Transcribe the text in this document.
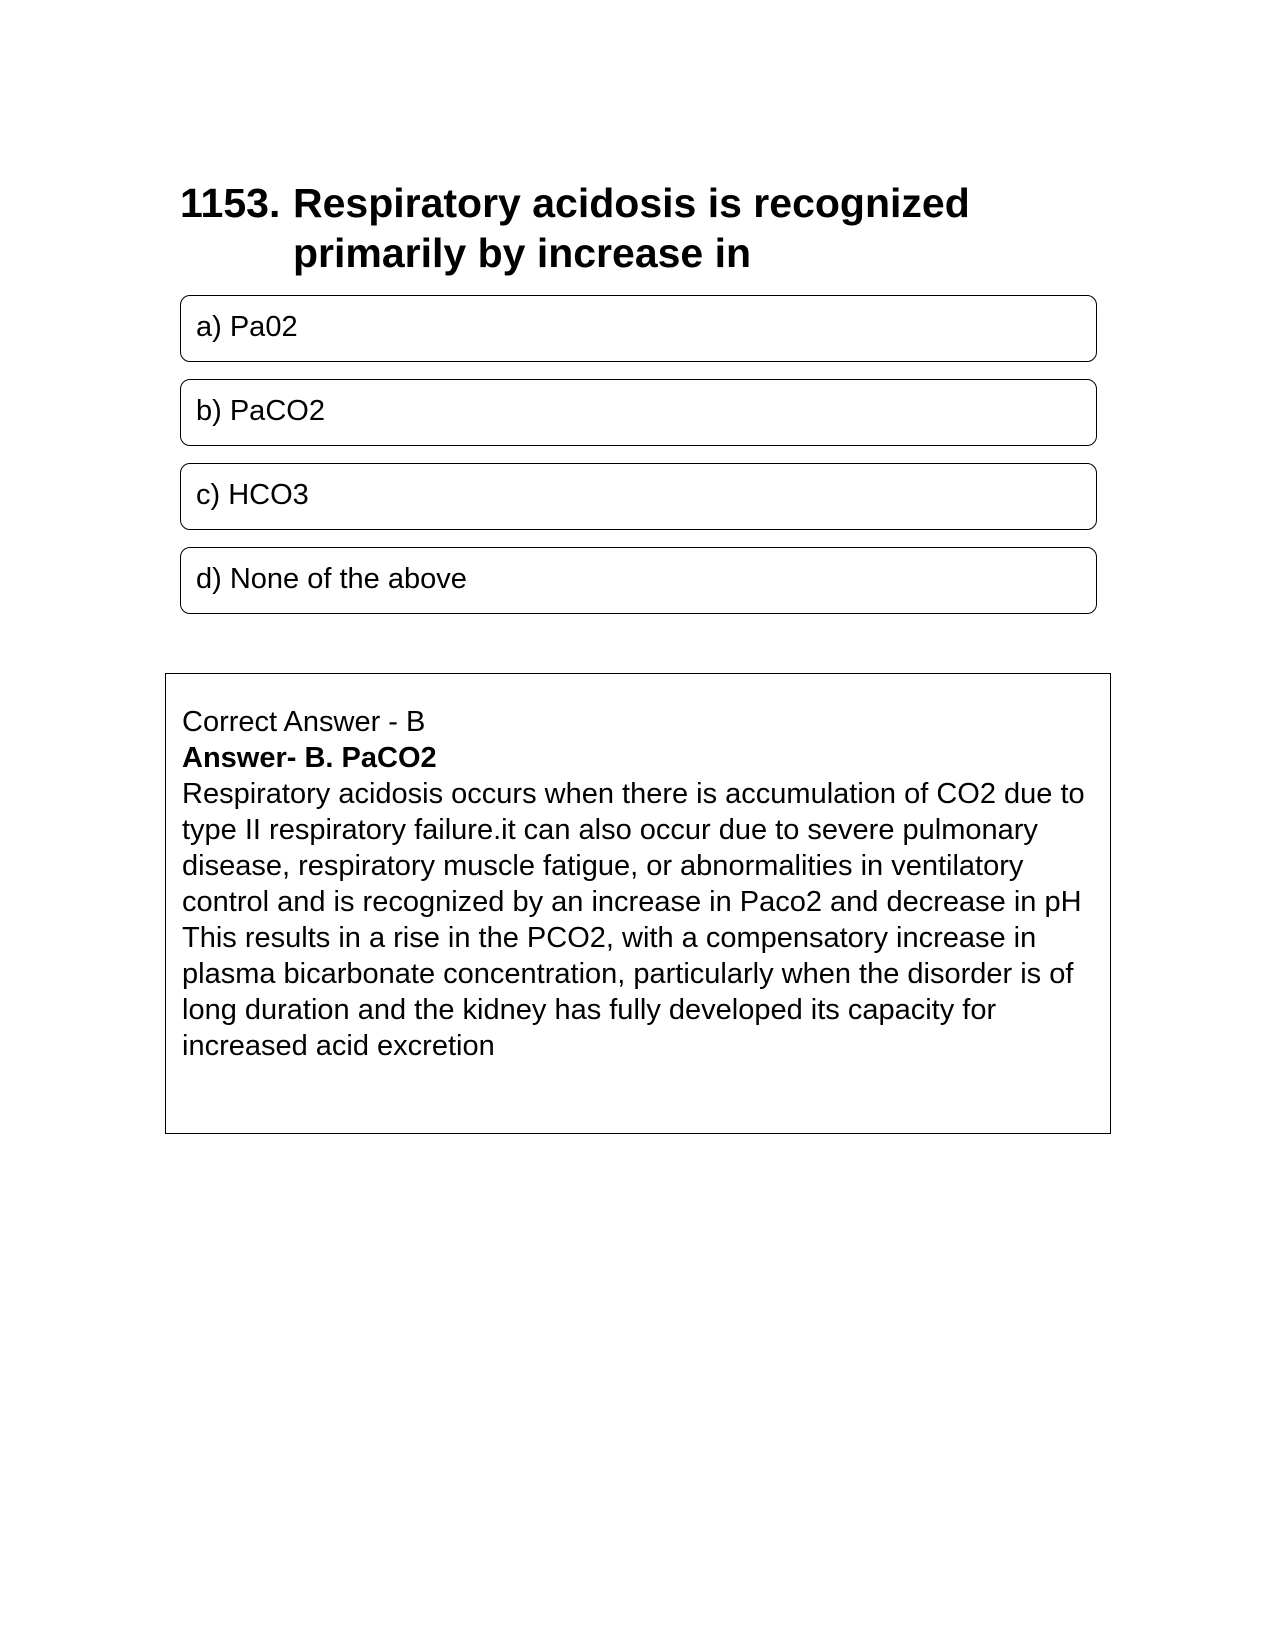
1153. Respiratory acidosis is recognized primarily by increase in
a) Pa02
b) PaCO2
c) HCO3
d) None of the above

Correct Answer - B

Answer- B. PaCO2

Respiratory acidosis occurs when there is accumulation of CO2 due to type II respiratory failure.it can also occur due to severe pulmonary disease, respiratory muscle fatigue, or abnormalities in ventilatory control and is recognized by an increase in Paco2 and decrease in pH

This results in a rise in the PCO2, with a compensatory increase in plasma bicarbonate concentration, particularly when the disorder is of long duration and the kidney has fully developed its capacity for increased acid excretion
